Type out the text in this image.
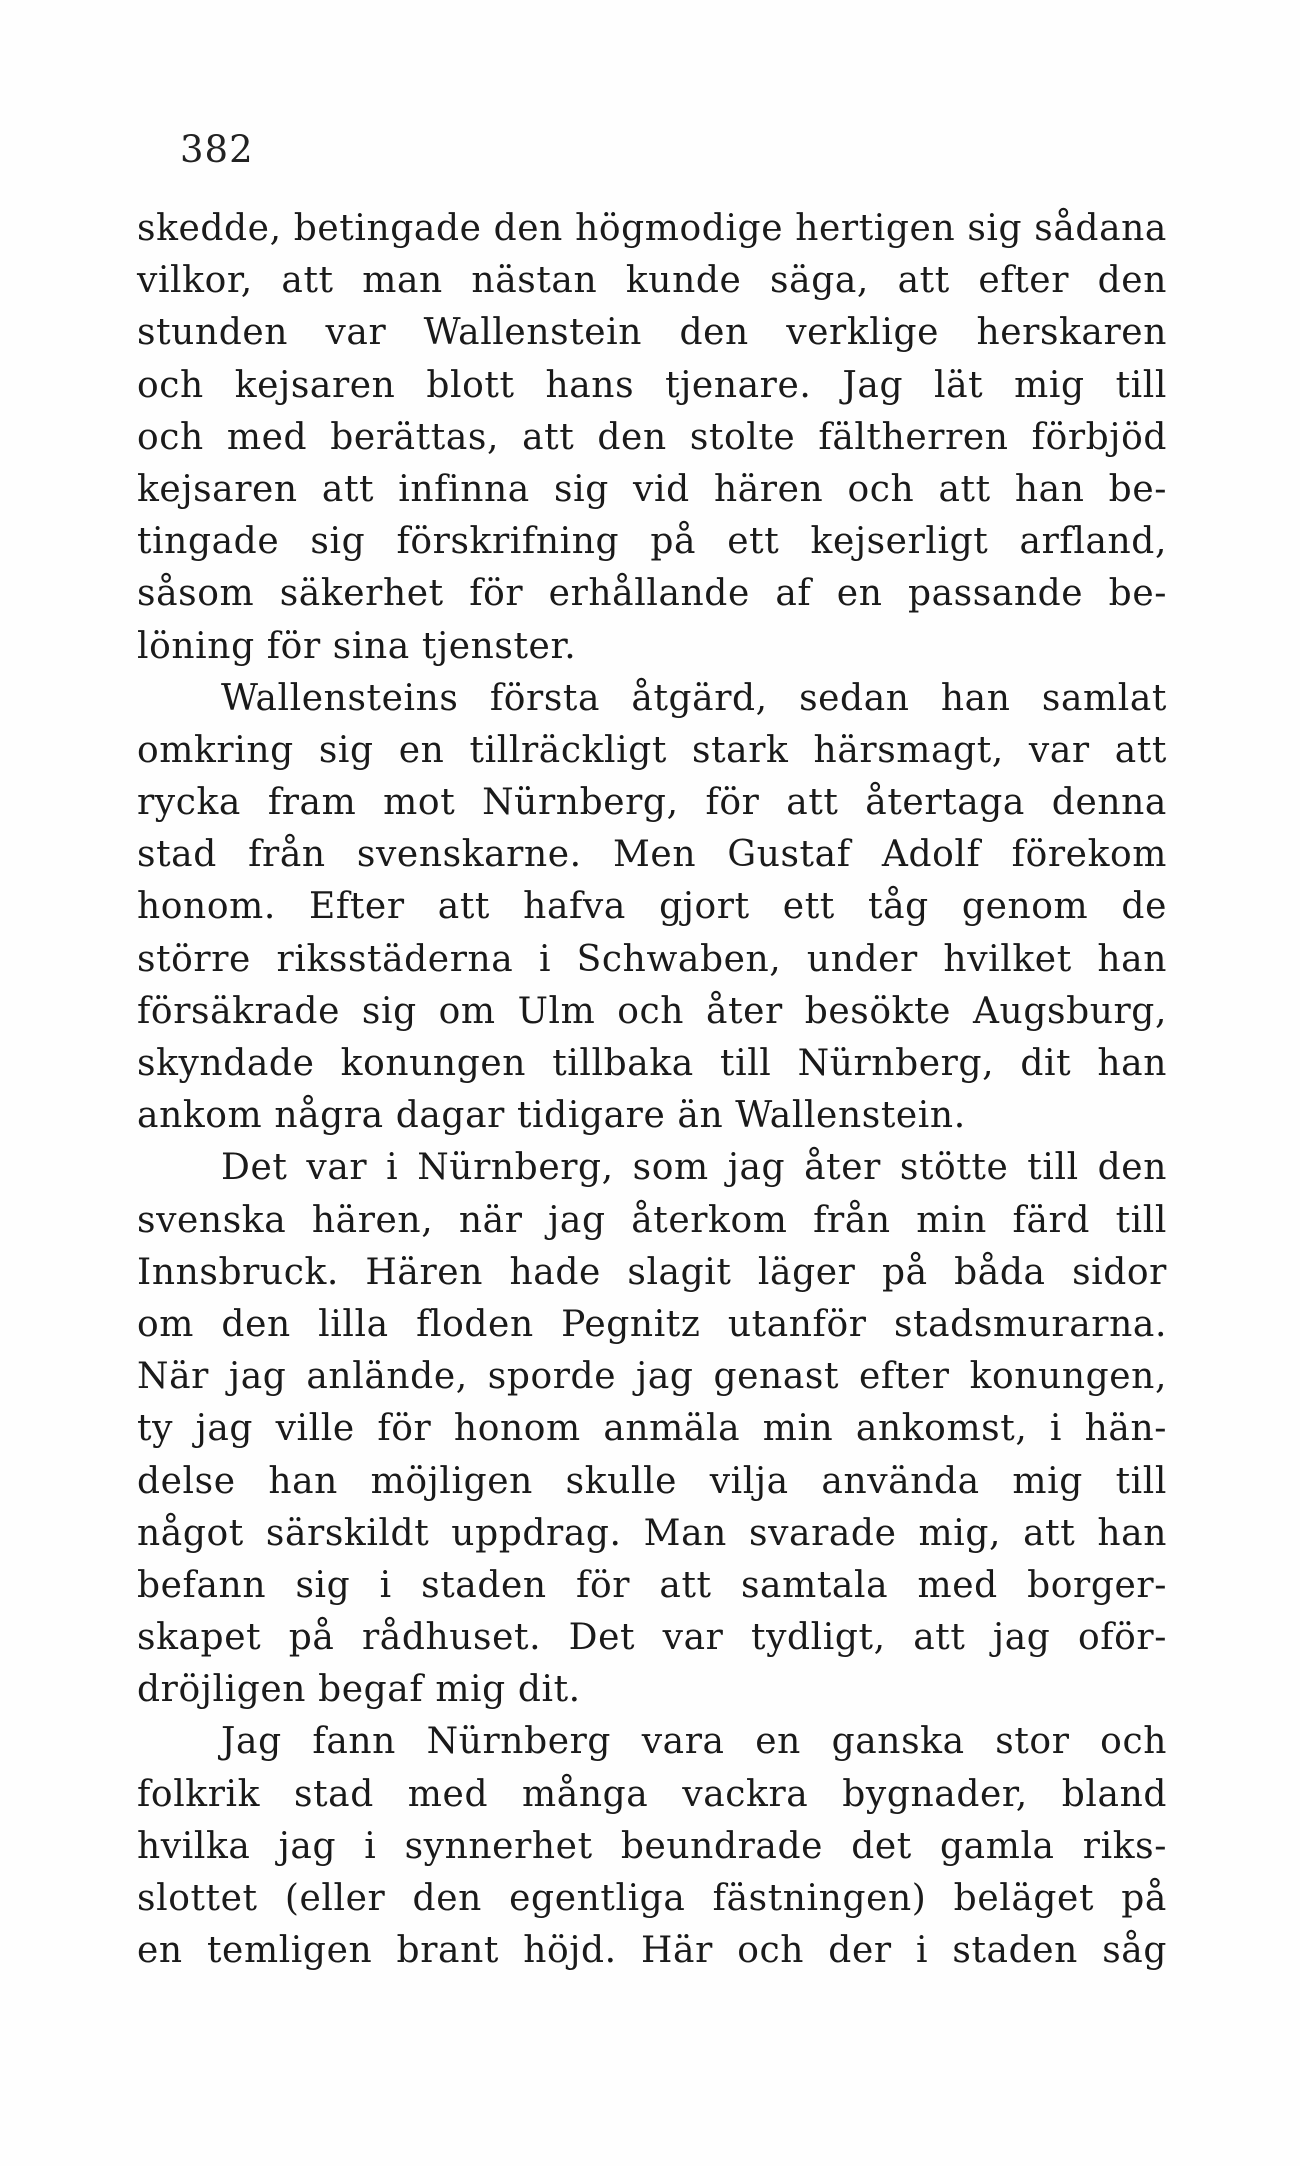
382
skedde, betingade den högmodige hertigen sig sådana
vilkor, att man nästan kunde säga, att efter den
stunden var Wallenstein den verklige herskaren
och kejsaren blott hans tjenare. Jag lät mig till
och med berättas, att den stolte fältherren förbjöd
kejsaren att infinna sig vid hären och att han be-
tingade sig förskrifning på ett kejserligt arfland,
såsom säkerhet för erhållande af en passande be-
löning för sina tjenster.
Wallensteins första åtgärd, sedan han samlat
omkring sig en tillräckligt stark härsmagt, var att
rycka fram mot Nürnberg, för att återtaga denna
stad från svenskarne. Men Gustaf Adolf förekom
honom. Efter att hafva gjort ett tåg genom de
större riksstäderna i Schwaben, under hvilket han
försäkrade sig om Ulm och åter besökte Augsburg,
skyndade konungen tillbaka till Nürnberg, dit han
ankom några dagar tidigare än Wallenstein.
Det var i Nürnberg, som jag åter stötte till den
svenska hären, när jag återkom från min färd till
Innsbruck. Hären hade slagit läger på båda sidor
om den lilla floden Pegnitz utanför stadsmurarna.
När jag anlände, sporde jag genast efter konungen,
ty jag ville för honom anmäla min ankomst, i hän-
delse han möjligen skulle vilja använda mig till
något särskildt uppdrag. Man svarade mig, att han
befann sig i staden för att samtala med borger-
skapet på rådhuset. Det var tydligt, att jag oför-
dröjligen begaf mig dit.
Jag fann Nürnberg vara en ganska stor och
folkrik stad med många vackra bygnader, bland
hvilka jag i synnerhet beundrade det gamla riks-
slottet (eller den egentliga fästningen) beläget på
en temligen brant höjd. Här och der i staden såg
